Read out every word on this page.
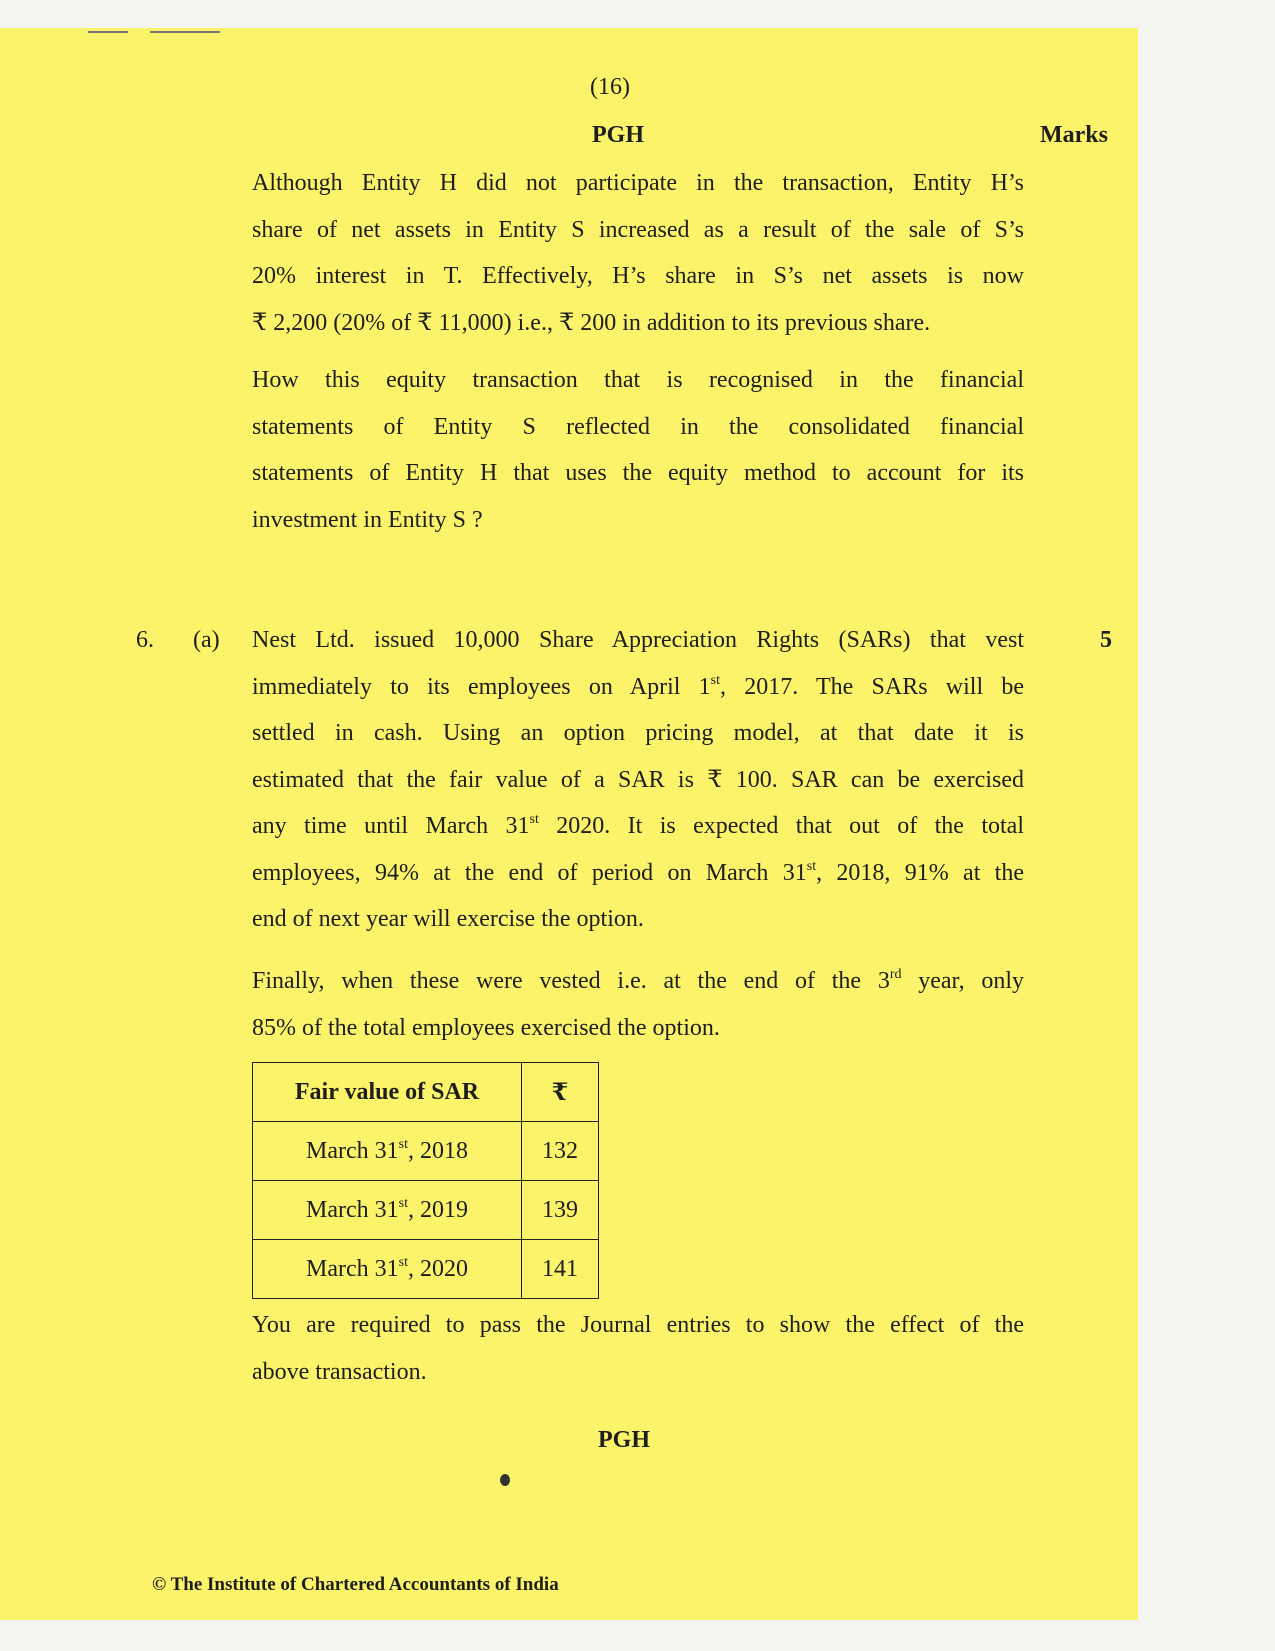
(16)
PGH	Marks
Although Entity H did not participate in the transaction, Entity H’s
share of net assets in Entity S increased as a result of the sale of S’s
20% interest in T. Effectively, H’s share in S’s net assets is now
₹ 2,200 (20% of ₹ 11,000) i.e., ₹ 200 in addition to its previous share.
How this equity transaction that is recognised in the financial
statements of Entity S reflected in the consolidated financial
statements of Entity H that uses the equity method to account for its
investment in Entity S ?
6. (a)	5
Nest Ltd. issued 10,000 Share Appreciation Rights (SARs) that vest
immediately to its employees on April 1st, 2017. The SARs will be
settled in cash. Using an option pricing model, at that date it is
estimated that the fair value of a SAR is ₹ 100. SAR can be exercised
any time until March 31st 2020. It is expected that out of the total
employees, 94% at the end of period on March 31st, 2018, 91% at the
end of next year will exercise the option.
Finally, when these were vested i.e. at the end of the 3rd year, only
85% of the total employees exercised the option.
Fair value of SAR	₹
March 31st, 2018	132
March 31st, 2019	139
March 31st, 2020	141
You are required to pass the Journal entries to show the effect of the
above transaction.
PGH
© The Institute of Chartered Accountants of India
